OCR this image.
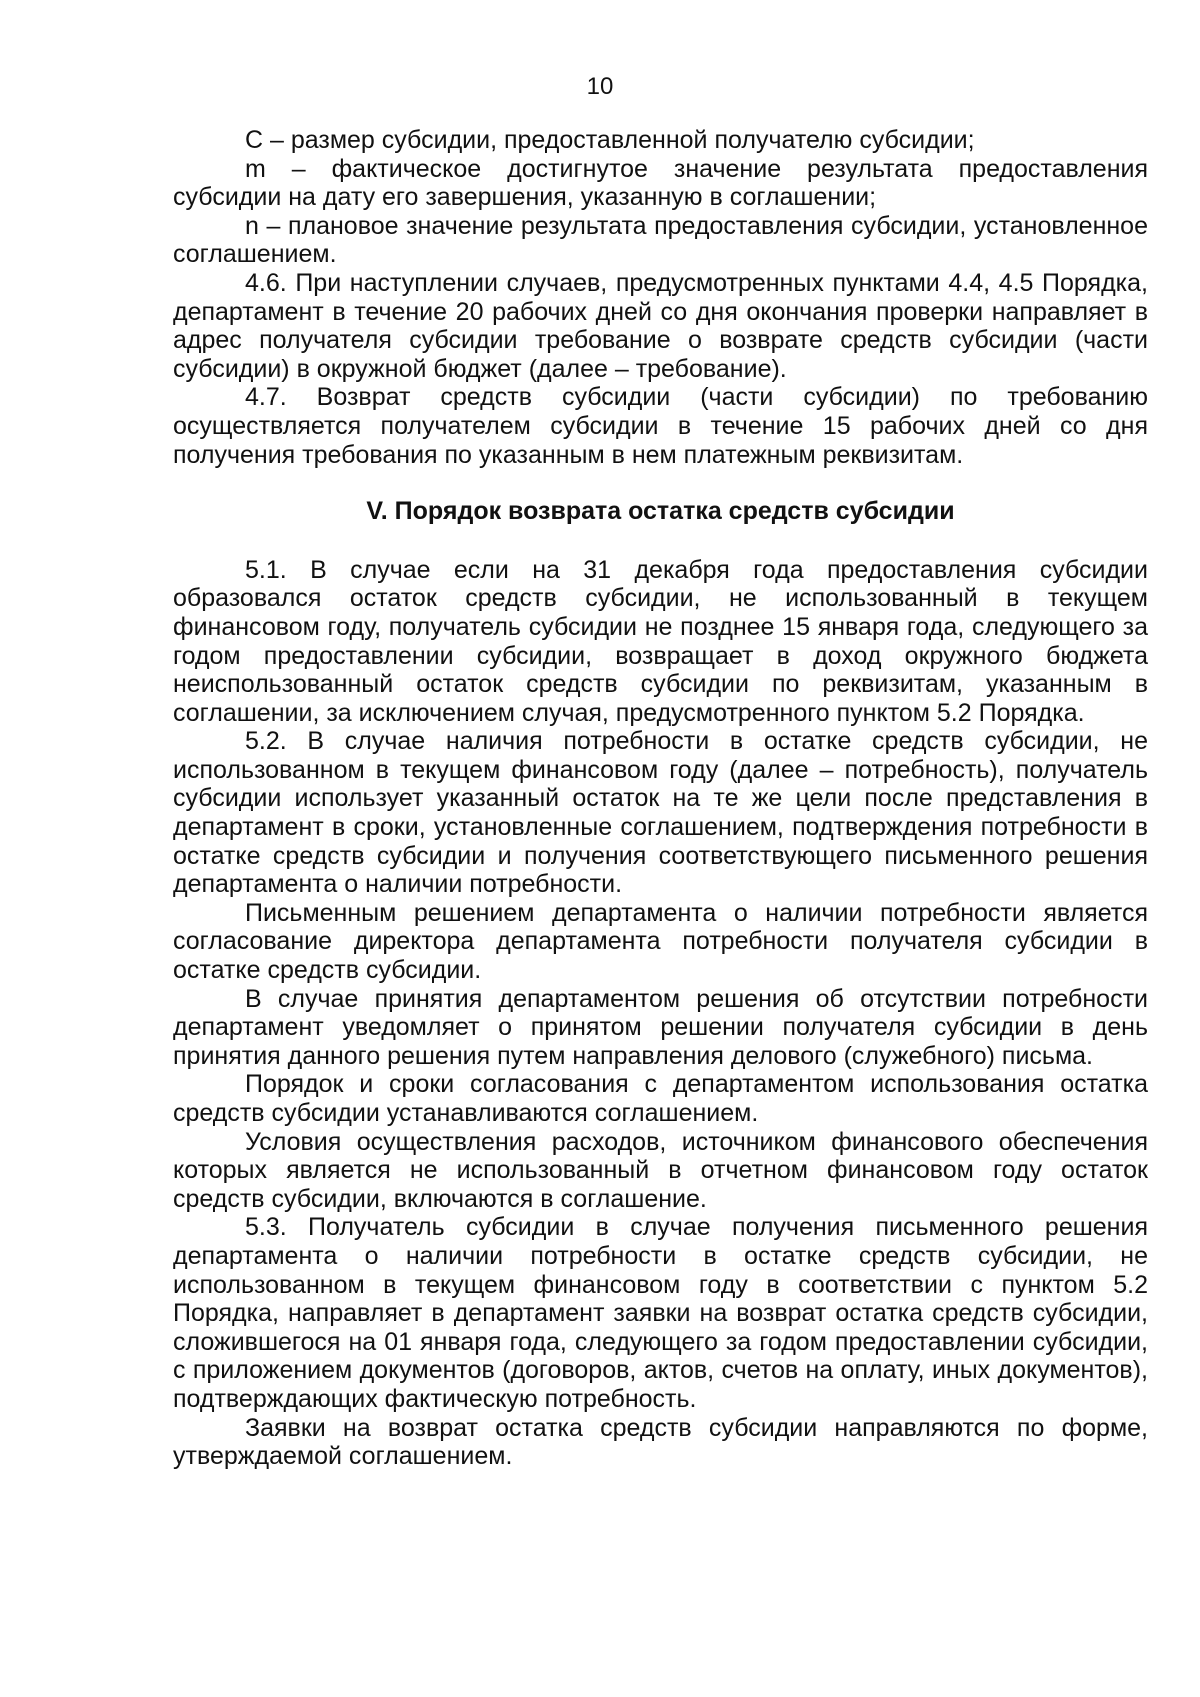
10

С – размер субсидии, предоставленной получателю субсидии;

m – фактическое достигнутое значение результата предоставления субсидии на дату его завершения, указанную в соглашении;

n – плановое значение результата предоставления субсидии, установленное соглашением.

4.6. При наступлении случаев, предусмотренных пунктами 4.4, 4.5 Порядка, департамент в течение 20 рабочих дней со дня окончания проверки направляет в адрес получателя субсидии требование о возврате средств субсидии (части субсидии) в окружной бюджет (далее – требование).

4.7. Возврат средств субсидии (части субсидии) по требованию осуществляется получателем субсидии в течение 15 рабочих дней со дня получения требования по указанным в нем платежным реквизитам.

V. Порядок возврата остатка средств субсидии

5.1. В случае если на 31 декабря года предоставления субсидии образовался остаток средств субсидии, не использованный в текущем финансовом году, получатель субсидии не позднее 15 января года, следующего за годом предоставлении субсидии, возвращает в доход окружного бюджета неиспользованный остаток средств субсидии по реквизитам, указанным в соглашении, за исключением случая, предусмотренного пунктом 5.2 Порядка.

5.2. В случае наличия потребности в остатке средств субсидии, не использованном в текущем финансовом году (далее – потребность), получатель субсидии использует указанный остаток на те же цели после представления в департамент в сроки, установленные соглашением, подтверждения потребности в остатке средств субсидии и получения соответствующего письменного решения департамента о наличии потребности.

Письменным решением департамента о наличии потребности является согласование директора департамента потребности получателя субсидии в остатке средств субсидии.

В случае принятия департаментом решения об отсутствии потребности департамент уведомляет о принятом решении получателя субсидии в день принятия данного решения путем направления делового (служебного) письма.

Порядок и сроки согласования с департаментом использования остатка средств субсидии устанавливаются соглашением.

Условия осуществления расходов, источником финансового обеспечения которых является не использованный в отчетном финансовом году остаток средств субсидии, включаются в соглашение.

5.3. Получатель субсидии в случае получения письменного решения департамента о наличии потребности в остатке средств субсидии, не использованном в текущем финансовом году в соответствии с пунктом 5.2 Порядка, направляет в департамент заявки на возврат остатка средств субсидии, сложившегося на 01 января года, следующего за годом предоставлении субсидии, с приложением документов (договоров, актов, счетов на оплату, иных документов), подтверждающих фактическую потребность.

Заявки на возврат остатка средств субсидии направляются по форме, утверждаемой соглашением.
